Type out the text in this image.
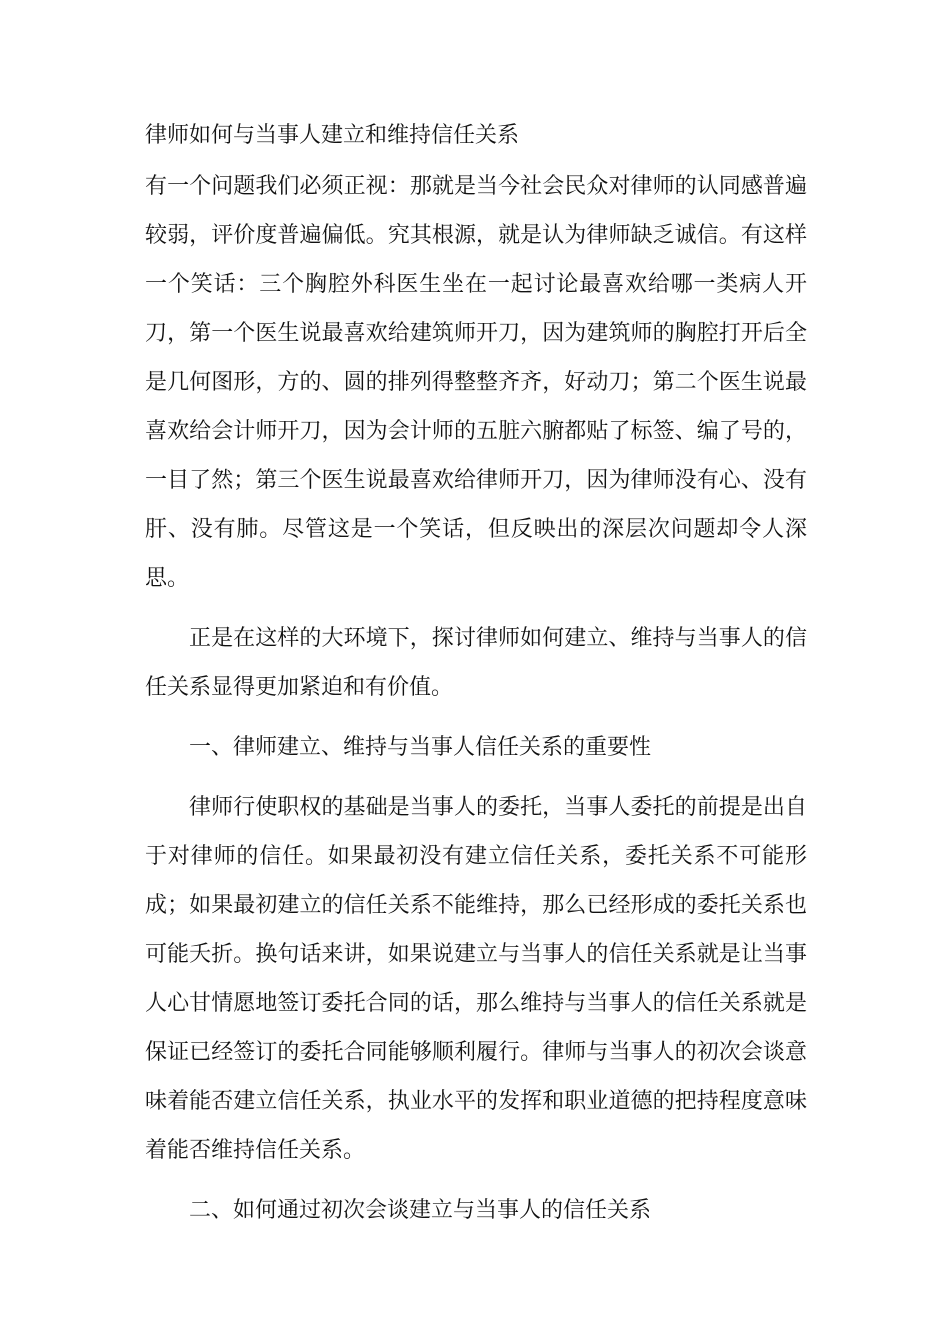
律师如何与当事人建立和维持信任关系

有一个问题我们必须正视：那就是当今社会民众对律师的认同感普遍较弱，评价度普遍偏低。究其根源，就是认为律师缺乏诚信。有这样一个笑话：三个胸腔外科医生坐在一起讨论最喜欢给哪一类病人开刀，第一个医生说最喜欢给建筑师开刀，因为建筑师的胸腔打开后全是几何图形，方的、圆的排列得整整齐齐，好动刀；第二个医生说最喜欢给会计师开刀，因为会计师的五脏六腑都贴了标签、编了号的，一目了然；第三个医生说最喜欢给律师开刀，因为律师没有心、没有肝、没有肺。尽管这是一个笑话，但反映出的深层次问题却令人深思。

正是在这样的大环境下，探讨律师如何建立、维持与当事人的信任关系显得更加紧迫和有价值。

一、律师建立、维持与当事人信任关系的重要性

律师行使职权的基础是当事人的委托，当事人委托的前提是出自于对律师的信任。如果最初没有建立信任关系，委托关系不可能形成；如果最初建立的信任关系不能维持，那么已经形成的委托关系也可能夭折。换句话来讲，如果说建立与当事人的信任关系就是让当事人心甘情愿地签订委托合同的话，那么维持与当事人的信任关系就是保证已经签订的委托合同能够顺利履行。律师与当事人的初次会谈意味着能否建立信任关系，执业水平的发挥和职业道德的把持程度意味着能否维持信任关系。

二、如何通过初次会谈建立与当事人的信任关系
